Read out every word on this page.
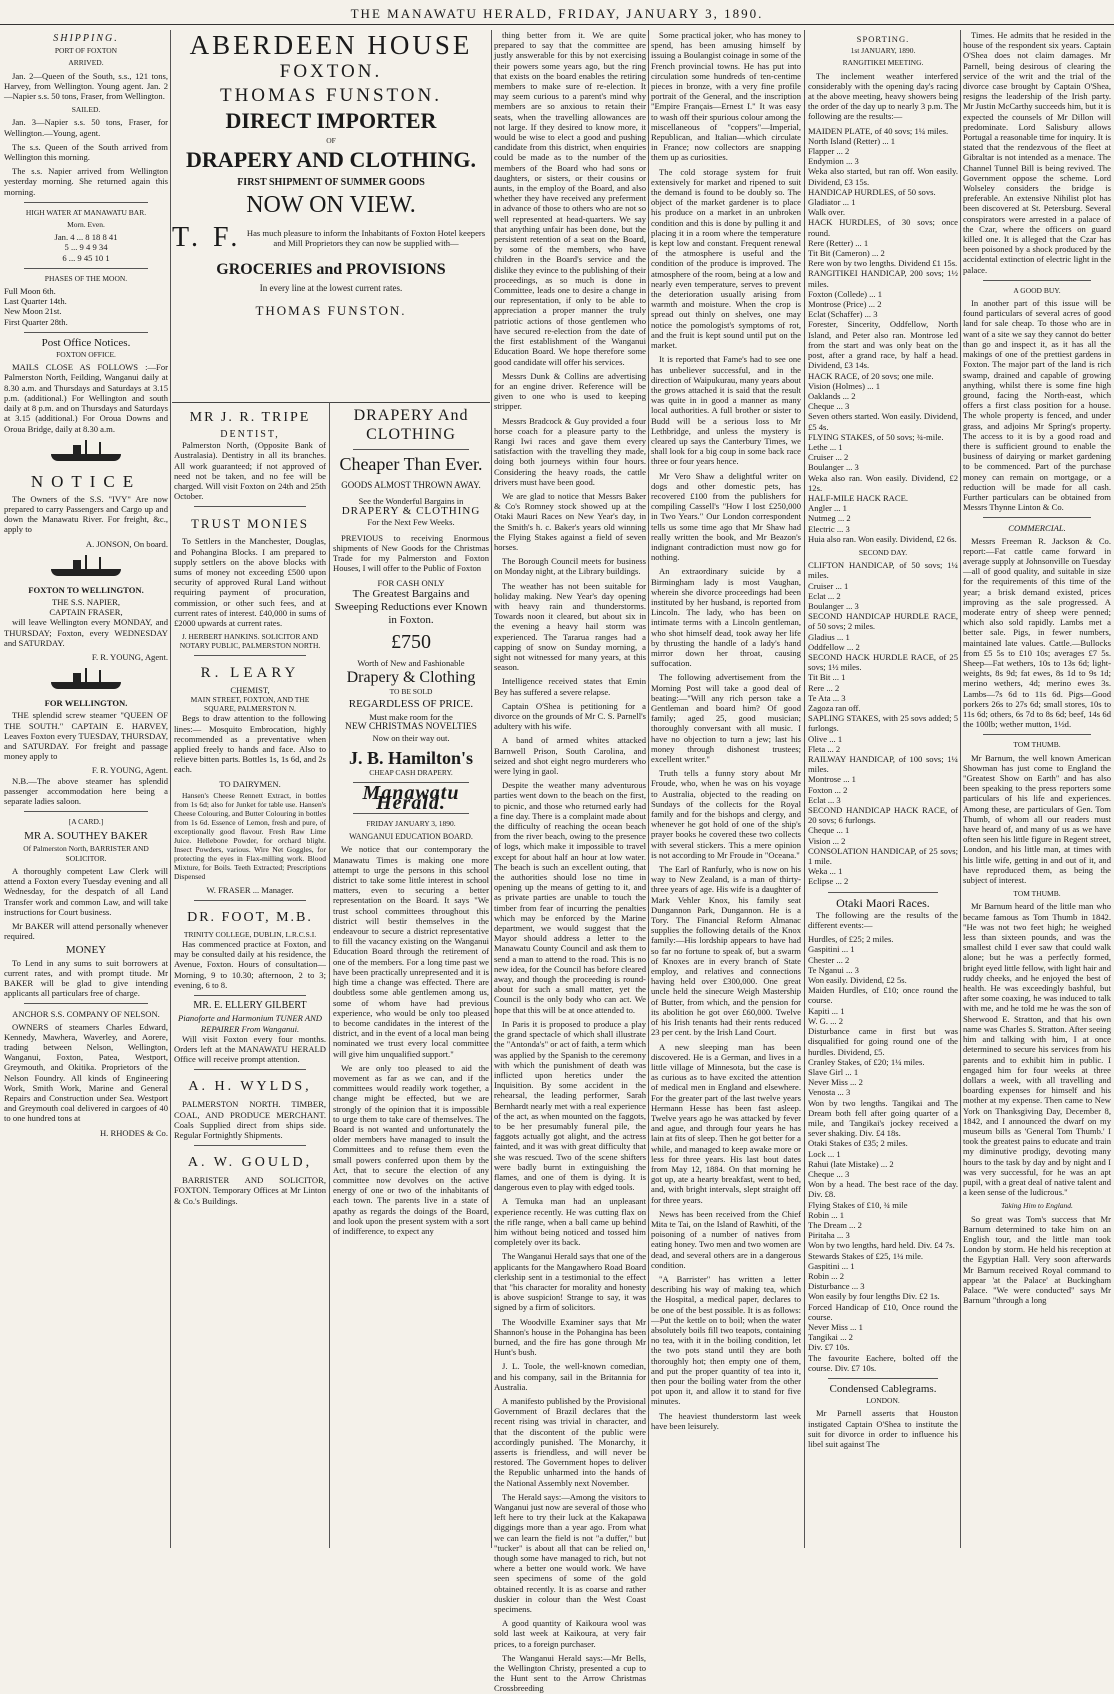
THE MANAWATU HERALD, FRIDAY, JANUARY 3, 1890.
SHIPPING.
PORT OF FOXTON
ARRIVED.

Jan. 2—Queen of the South, s.s., 121 tons, Harvey, from Wellington. Young agent. Jan. 2—Napier s.s. 50 tons, Fraser, from Wellington.

SAILED.

Jan. 3—Napier s.s. 50 tons, Fraser, for Wellington.—Young, agent.

The s.s. Queen of the South arrived from Wellington this morning.

The s.s. Napier arrived from Wellington yesterday morning. She returned again this morning.

HIGH WATER AT MANAWATU BAR.
Morn. Even.
Jan. 4 ... 8 18 8 41
5 ... 9 4 9 34
6 ... 9 45 10 1
PHASES OF THE MOON.
Full Moon 6th.
Last Quarter 14th.
New Moon 21st.
First Quarter 28th.
Post Office Notices.
FOXTON OFFICE.

MAILS CLOSE AS FOLLOWS :—For Palmerston North, Feilding, Wanganui daily at 8.30 a.m. and Thursdays and Saturdays at 3.15 p.m. (additional.) For Wellington and south daily at 8 p.m. and on Thursdays and Saturdays at 3.15 (additional.) For Oroua Downs and Oroua Bridge, daily at 8.30 a.m.

NOTICE

The Owners of the S.S. "IVY" Are now prepared to carry Passengers and Cargo up and down the Manawatu River. For freight, &c., apply to

A. JONSON, On board.
FOXTON TO WELLINGTON.
THE S.S. NAPIER,
CAPTAIN FRASER,

will leave Wellington every MONDAY, and THURSDAY; Foxton, every WEDNESDAY and SATURDAY.

F. R. YOUNG, Agent.
FOR WELLINGTON.

THE splendid screw steamer "QUEEN OF THE SOUTH." CAPTAIN E. HARVEY, Leaves Foxton every TUESDAY, THURSDAY, and SATURDAY. For freight and passage money apply to

F. R. YOUNG, Agent.

N.B.—The above steamer has splendid passenger accommodation here being a separate ladies saloon.

[A CARD.]
MR A. SOUTHEY BAKER
Of Palmerston North, BARRISTER AND SOLICITOR.

A thoroughly competent Law Clerk will attend a Foxton every Tuesday evening and all Wednesday, for the despatch of all Land Transfer work and common Law, and will take instructions for Court business.

Mr BAKER will attend personally whenever required.

MONEY

To Lend in any sums to suit borrowers at current rates, and with prompt titude. Mr BAKER will be glad to give intending applicants all particulars free of charge.

ANCHOR S.S. COMPANY OF NELSON.

OWNERS of steamers Charles Edward, Kennedy, Mawhera, Waverley, and Aorere, trading between Nelson, Wellington, Wanganui, Foxton, Patea, Westport, Greymouth, and Okitika. Proprietors of the Nelson Foundry. All kinds of Engineering Work, Smith Work, Marine and General Repairs and Construction under Sea. Westport and Greymouth coal delivered in cargoes of 40 to one hundred tons at

H. RHODES & Co.
ABERDEEN HOUSE
FOXTON.
THOMAS FUNSTON.
DIRECT IMPORTER
OF
DRAPERY AND CLOTHING.
FIRST SHIPMENT OF SUMMER GOODS
NOW ON VIEW.
T. F. Has much pleasure to inform the Inhabitants of Foxton Hotel keepers and Mill Proprietors they can now be supplied with—
GROCERIES and PROVISIONS
In every line at the lowest current rates.
THOMAS FUNSTON.
MR J. R. TRIPE
DENTIST,

Palmerston North, (Opposite Bank of Australasia). Dentistry in all its branches. All work guaranteed; if not approved of need not be taken, and no fee will be charged. Will visit Foxton on 24th and 25th October.

TRUST MONIES

To Settlers in the Manchester, Douglas, and Pohangina Blocks. I am prepared to supply settlers on the above blocks with sums of money not exceeding £500 upon security of approved Rural Land without requiring payment of procuration, commission, or other such fees, and at current rates of interest. £40,000 in sums of £2000 upwards at current rates.

J. HERBERT HANKINS. SOLICITOR AND NOTARY PUBLIC, PALMERSTON NORTH.
R. LEARY
CHEMIST,
MAIN STREET, FOXTON, AND THE SQUARE, PALMERSTON N.

Begs to draw attention to the following lines:— Mosquito Embrocation, highly recommended as a preventative when applied freely to hands and face. Also to relieve bitten parts. Bottles 1s, 1s 6d, and 2s each.

TO DAIRYMEN.

Hansen's Cheese Rennett Extract, in bottles from 1s 6d; also for Junket for table use. Hansen's Cheese Colouring, and Butter Colouring in bottles from 1s 6d. Essence of Lemon, fresh and pure, of exceptionally good flavour. Fresh Raw Lime Juice. Hellebone Powder, for orchard blight. Insect Powders, various. Wire Net Goggles, for protecting the eyes in Flax-milling work. Blood Mixture, for Boils. Teeth Extracted; Prescriptions Dispensed

W. FRASER ... Manager.
DR. FOOT, M.B.
TRINITY COLLEGE, DUBLIN, L.R.C.S.I.

Has commenced practice at Foxton, and may be consulted daily at his residence, the Avenue, Foxton. Hours of consultation—Morning, 9 to 10.30; afternoon, 2 to 3; evening, 6 to 8.

MR. E. ELLERY GILBERT
Pianoforte and Harmonium TUNER AND REPAIRER From Wanganui.

Will visit Foxton every four months. Orders left at the MANAWATU HERALD Office will receive prompt attention.

A. H. WYLDS,

PALMERSTON NORTH. TIMBER, COAL, AND PRODUCE MERCHANT. Coals Supplied direct from ships side. Regular Fortnightly Shipments.

A. W. GOULD,

BARRISTER AND SOLICITOR, FOXTON. Temporary Offices at Mr Linton & Co.'s Buildings.

DRAPERY And CLOTHING
Cheaper Than Ever.
GOODS ALMOST THROWN AWAY.
See the Wonderful Bargains in
DRAPERY & CLOTHING
For the Next Few Weeks.

PREVIOUS to receiving Enormous shipments of New Goods for the Christmas Trade for my Palmerston and Foxton Houses, I will offer to the Public of Foxton

FOR CASH ONLY
The Greatest Bargains and Sweeping Reductions ever Known in Foxton.
£750
Worth of New and Fashionable
Drapery & Clothing
TO BE SOLD
REGARDLESS OF PRICE.
Must make room for the
NEW CHRISTMAS NOVELTIES
Now on their way out.
J. B. Hamilton's
CHEAP CASH DRAPERY.
Manawatu Herald.
FRIDAY JANUARY 3, 1890.
WANGANUI EDUCATION BOARD.

We notice that our contemporary the Manawatu Times is making one more attempt to urge the persons in this school district to take some little interest in school matters, even to securing a better representation on the Board. It says "We trust school committees throughout this district will bestir themselves in the endeavour to secure a district representative to fill the vacancy existing on the Wanganui Education Board through the retirement of one of the members. For a long time past we have been practically unrepresented and it is high time a change was effected. There are doubtless some able gentlemen among us, some of whom have had previous experience, who would be only too pleased to become candidates in the interest of the district, and in the event of a local man being nominated we trust every local committee will give him unqualified support."

We are only too pleased to aid the movement as far as we can, and if the committees would readily work together, a change might be effected, but we are strongly of the opinion that it is impossible to urge them to take care of themselves. The Board is not wanted and unfortunately the older members have managed to insult the Committees and to refuse them even the small powers conferred upon them by the Act, that to secure the election of any committee now devolves on the active energy of one or two of the inhabitants of each town. The parents live in a state of apathy as regards the doings of the Board, and look upon the present system with a sort of indifference, to expect any

thing better from it. We are quite prepared to say that the committee are justly answerable for this by not exercising their powers some years ago, but the ring that exists on the board enables the retiring members to make sure of re-election. It may seem curious to a parent's mind why members are so anxious to retain their seats, when the travelling allowances are not large. If they desired to know more, it would be wise to elect a good and pushing candidate from this district, when enquiries could be made as to the number of the members of the Board who had sons or daughters, or sisters, or their cousins or aunts, in the employ of the Board, and also whether they have received any preferment in advance of those to others who are not so well represented at head-quarters. We say that anything unfair has been done, but the persistent retention of a seat on the Board, by some of the members, who have children in the Board's service and the dislike they evince to the publishing of their proceedings, as so much is done in Committee, leads one to desire a change in our representation, if only to be able to appreciation a proper manner the truly patriotic actions of those gentlemen who have secured re-election from the date of the first establishment of the Wanganui Education Board. We hope therefore some good candidate will offer his services.

Messrs Dunk & Collins are advertising for an engine driver. Reference will be given to one who is used to keeping stripper.

Messrs Bradcock & Guy provided a four horse coach for a pleasure party to the Rangi Iwi races and gave them every satisfaction with the travelling they made, doing both journeys within four hours. Considering the heavy roads, the cattle drivers must have been good.

We are glad to notice that Messrs Baker & Co's Romney stock showed up at the Otaki Mauri Races on New Year's day, in the Smith's h. c. Baker's years old winning the Flying Stakes against a field of seven horses.

The Borough Council meets for business on Monday night, at the Library buildings.

The weather has not been suitable for holiday making. New Year's day opening with heavy rain and thunderstorms. Towards noon it cleared, but about six in the evening a heavy hail storm was experienced. The Tararua ranges had a capping of snow on Sunday morning, a sight not witnessed for many years, at this season.

Intelligence received states that Emin Bey has suffered a severe relapse.

Captain O'Shea is petitioning for a divorce on the grounds of Mr C. S. Parnell's adultery with his wife.

A band of armed whites attacked Barnwell Prison, South Carolina, and seized and shot eight negro murderers who were lying in gaol.

Despite the weather many adventurous parties went down to the beach on the first, to picnic, and those who returned early had a fine day. There is a complaint made about the difficulty of reaching the ocean beach from the river beach, owing to the presence of logs, which make it impossible to travel except for about half an hour at low water. The beach is such an excellent outing, that the authorities should lose no time in opening up the means of getting to it, and as private parties are unable to touch the timber from fear of incurring the penalties which may be enforced by the Marine department, we would suggest that the Mayor should address a letter to the Manawatu County Council and ask them to send a man to attend to the road. This is no new idea, for the Council has before cleared away, and though the proceeding is round-about for such a small matter, yet the Council is the only body who can act. We hope that this will be at once attended to.

In Paris it is proposed to produce a play the grand spectacle of which shall illustrate the "Antonda's" or act of faith, a term which was applied by the Spanish to the ceremony with which the punishment of death was inflicted upon heretics under the Inquisition. By some accident in the rehearsal, the leading performer, Sarah Bernhardt nearly met with a real experience of the act, as when mounted on the faggots, to be her presumably funeral pile, the faggots actually got alight, and the actress fainted, and it was with great difficulty that she was rescued. Two of the scene shifters were badly burnt in extinguishing the flames, and one of them is dying. It is dangerous even to play with edged tools.

A Temuka man had an unpleasant experience recently. He was cutting flax on the rifle range, when a ball came up behind him without being noticed and tossed him completely over its back.

The Wanganui Herald says that one of the applicants for the Mangawhero Road Board clerkship sent in a testimonial to the effect that "his character for morality and honesty is above suspicion! Strange to say, it was signed by a firm of solicitors.

The Woodville Examiner says that Mr Shannon's house in the Pohangina has been burned, and the fire has gone through Mr Hunt's bush.

J. L. Toole, the well-known comedian, and his company, sail in the Britannia for Australia.

A manifesto published by the Provisional Government of Brazil declares that the recent rising was trivial in character, and that the discontent of the public were accordingly punished. The Monarchy, it asserts is friendless, and will never be restored. The Government hopes to deliver the Republic unharmed into the hands of the National Assembly next November.

The Herald says:—Among the visitors to Wanganui just now are several of those who left here to try their luck at the Kakapawa diggings more than a year ago. From what we can learn the field is not "a duffer," but "tucker" is about all that can be relied on, though some have managed to rich, but not where a better one would work. We have seen specimens of some of the gold obtained recently. It is as coarse and rather duskier in colour than the West Coast specimens.

A good quantity of Kaikoura wool was sold last week at Kaikoura, at very fair prices, to a foreign purchaser.

The Wanganui Herald says:—Mr Bells, the Wellington Christy, presented a cup to the Hunt sent to the Arrow Christmas Crossbreeding

Some practical joker, who has money to spend, has been amusing himself by issuing a Boulangist coinage in some of the French provincial towns. He has put into circulation some hundreds of ten-centime pieces in bronze, with a very fine profile portrait of the General, and the inscription "Empire Français—Ernest I." It was easy to wash off their spurious colour among the miscellaneous of "coppers"—Imperial, Republican, and Italian—which circulate in France; now collectors are snapping them up as curiosities.

The cold storage system for fruit extensively for market and ripened to suit the demand is found to be doubly so. The object of the market gardener is to place his produce on a market in an unbroken condition and this is done by pulling it and placing it in a room where the temperature is kept low and constant. Frequent renewal of the atmosphere is useful and the condition of the produce is improved. The atmosphere of the room, being at a low and nearly even temperature, serves to prevent the deterioration usually arising from warmth and moisture. When the crop is spread out thinly on shelves, one may notice the pomologist's symptoms of rot, and the fruit is kept sound until put on the market.

It is reported that Fame's had to see one has unbeliever successful, and in the direction of Waipukurau, many years about the grows attached it is said that the result was quite in in good a manner as many local authorities. A full brother or sister to Budd will be a serious loss to Mr Lethbridge, and unless the mystery is cleared up says the Canterbury Times, we shall look for a big coup in some back race three or four years hence.

Mr Vero Shaw a delightful writer on dogs and other domestic pets, has recovered £100 from the publishers for compiling Cassell's "How I lost £250,000 in Two Years." Our London correspondent tells us some time ago that Mr Shaw had really written the book, and Mr Beazon's indignant contradiction must now go for nothing.

An extraordinary suicide by a Birmingham lady is most Vaughan, wherein she divorce proceedings had been instituted by her husband, is reported from Lincoln. The lady, who has been on intimate terms with a Lincoln gentleman, who shot himself dead, took away her life by thrusting the handle of a lady's hand mirror down her throat, causing suffocation.

The following advertisement from the Morning Post will take a good deal of beating:—"Will any rich person take a Gentleman and board him? Of good family; aged 25, good musician; thoroughly conversant with all music. I have no objection to turn a jew; last his money through dishonest trustees; excellent writer."

Truth tells a funny story about Mr Froude, who, when he was on his voyage to Australia, objected to the reading on Sundays of the collects for the Royal family and for the bishops and clergy, and whenever he got hold of one of the ship's prayer books he covered these two collects with several stickers. This a mere opinion is not according to Mr Froude in "Oceana."

The Earl of Ranfurly, who is now on his way to New Zealand, is a man of thirty-three years of age. His wife is a daughter of Mark Vehler Knox, his family seat Dungannon Park, Dungannon. He is a Tory. The Financial Reform Almanac supplies the following details of the Knox family:—His lordship appears to have had so far no fortune to speak of, but a swarm of Knoxes are in every branch of State employ, and relatives and connections having held over £300,000. One great uncle held the sinecure Weigh Mastership of Butter, from which, and the pension for its abolition he got over £60,000. Twelve of his Irish tenants had their rents reduced 23 per cent. by the Irish Land Court.

A new sleeping man has been discovered. He is a German, and lives in a little village of Minnesota, but the case is as curious as to have excited the attention of medical men in England and elsewhere. For the greater part of the last twelve years Hermann Hesse has been fast asleep. Twelve years ago he was attacked by fever and ague, and through four years he has lain at fits of sleep. Then he got better for a while, and managed to keep awake more or less for three years. His last bout dates from May 12, 1884. On that morning he got up, ate a hearty breakfast, went to bed, and, with bright intervals, slept straight off for three years.

News has been received from the Chief Mita te Tai, on the Island of Rawhiti, of the poisoning of a number of natives from eating honey. Two men and two women are dead, and several others are in a dangerous condition.

"A Barrister" has written a letter describing his way of making tea, which the Hospital, a medical paper, declares to be one of the best possible. It is as follows:—Put the kettle on to boil; when the water absolutely boils fill two teapots, containing no tea, with it in the boiling condition, let the two pots stand until they are both thoroughly hot; then empty one of them, and put the proper quantity of tea into it, then pour the boiling water from the other pot upon it, and allow it to stand for five minutes.

The heaviest thunderstorm last week have been leisurely.

SPORTING.
1st JANUARY, 1890.
RANGITIKEI MEETING.

The inclement weather interfered considerably with the opening day's racing at the above meeting, heavy showers being the order of the day up to nearly 3 p.m. The following are the results:—

MAIDEN PLATE, of 40 sovs; 1¼ miles.
North Island (Retter) ... 1
Flapper ... 2
Endymion ... 3
Weka also started, but ran off. Won easily. Dividend, £3 15s.
HANDICAP HURDLES, of 50 sovs.
Gladiator ... 1
Walk over.
HACK HURDLES, of 30 sovs; once round.
Rere (Retter) ... 1
Tit Bit (Cameron) ... 2
Rere won by two lengths. Dividend £1 15s.
RANGITIKEI HANDICAP, 200 sovs; 1½ miles.
Foxton (Collede) ... 1
Montrose (Price) ... 2
Eclat (Schaffer) ... 3
Forester, Sincerity, Oddfellow, North Island, and Peter also ran. Montrose led from the start and was only beat on the post, after a grand race, by half a head. Dividend, £3 14s.
HACK RACE, of 20 sovs; one mile.
Vision (Holmes) ... 1
Oaklands ... 2
Cheque ... 3
Seven others started. Won easily. Dividend, £5 4s.
FLYING STAKES, of 50 sovs; ¾-mile.
Lethe ... 1
Cruiser ... 2
Boulanger ... 3
Weka also ran. Won easily. Dividend, £2 12s.
HALF-MILE HACK RACE.
Angler ... 1
Nutmeg ... 2
Electric ... 3
Huia also ran. Won easily. Dividend, £2 6s.
SECOND DAY.
CLIFTON HANDICAP, of 50 sovs; 1¼ miles.
Cruiser ... 1
Eclat ... 2
Boulanger ... 3
SECOND HANDICAP HURDLE RACE, of 50 sovs; 2 miles.
Gladius ... 1
Oddfellow ... 2
SECOND HACK HURDLE RACE, of 25 sovs; 1½ miles.
Tit Bit ... 1
Rere ... 2
Te Ata ... 3
Zagoza ran off.
SAPLING STAKES, with 25 sovs added; 5 furlongs.
Olive ... 1
Fleta ... 2
RAILWAY HANDICAP, of 100 sovs; 1¼ miles.
Montrose ... 1
Foxton ... 2
Eclat ... 3
SECOND HANDICAP HACK RACE, of 20 sovs; 6 furlongs.
Cheque ... 1
Vision ... 2
CONSOLATION HANDICAP, of 25 sovs; 1 mile.
Weka ... 1
Eclipse ... 2
Otaki Maori Races.

The following are the results of the different events:—

Hurdles, of £25; 2 miles.
Gaspitini ... 1
Chester ... 2
Te Nganui ... 3
Won easily. Dividend, £2 5s.
Maiden Hurdles, of £10; once round the course.
Kapiti ... 1
W. G. ... 2
Disturbance came in first but was disqualified for going round one of the hurdles. Dividend, £5.
Cranley Stakes, of £20; 1¼ miles.
Slave Girl ... 1
Never Miss ... 2
Venosta ... 3
Won by two lengths. Tangikai and The Dream both fell after going quarter of a mile, and Tangikai's jockey received a sever shaking. Div. £4 18s.
Otaki Stakes of £35; 2 miles.
Lock ... 1
Rahui (late Mistake) ... 2
Cheque ... 3
Won by a head. The best race of the day. Div. £8.
Flying Stakes of £10, ¾ mile
Robin ... 1
The Dream ... 2
Piritaha ... 3
Won by two lengths, hard held. Div. £4 7s.
Stewards Stakes of £25, 1¼ mile.
Gaspitini ... 1
Robin ... 2
Disturbance ... 3
Won easily by four lengths Div. £2 1s.
Forced Handicap of £10, Once round the course.
Never Miss ... 1
Tangikai ... 2
Div. £7 10s.
The favourite Eachere, bolted off the course. Div. £7 10s.
Condensed Cablegrams.
LONDON.

Mr Parnell asserts that Houston instigated Captain O'Shea to institute the suit for divorce in order to influence his libel suit against The

Times. He admits that he resided in the house of the respondent six years. Captain O'Shea does not claim damages. Mr Parnell, being desirous of clearing the service of the writ and the trial of the divorce case brought by Captain O'Shea, resigns the leadership of the Irish party. Mr Justin McCarthy succeeds him, but it is expected the counsels of Mr Dillon will predominate. Lord Salisbury allows Portugal a reasonable time for inquiry. It is stated that the rendezvous of the fleet at Gibraltar is not intended as a menace. The Channel Tunnel Bill is being revived. The Government oppose the scheme. Lord Wolseley considers the bridge is preferable. An extensive Nihilist plot has been discovered at St. Petersburg. Several conspirators were arrested in a palace of the Czar, where the officers on guard killed one. It is alleged that the Czar has been poisoned by a shock produced by the accidental extinction of electric light in the palace.

A GOOD BUY.

In another part of this issue will be found particulars of several acres of good land for sale cheap. To those who are in want of a site we say they cannot do better than go and inspect it, as it has all the makings of one of the prettiest gardens in Foxton. The major part of the land is rich swamp, drained and capable of growing anything, whilst there is some fine high ground, facing the North-east, which offers a first class position for a house. The whole property is fenced, and under grass, and adjoins Mr Spring's property. The access to it is by a good road and there is sufficient ground to enable the business of dairying or market gardening to be commenced. Part of the purchase money can remain on mortgage, or a reduction will be made for all cash. Further particulars can be obtained from Messrs Thynne Linton & Co.

COMMERCIAL.

Messrs Freeman R. Jackson & Co. report:—Fat cattle came forward in average supply at Johnsonville on Tuesday—all of good quality, and suitable in size for the requirements of this time of the year; a brisk demand existed, prices improving as the sale progressed. A moderate entry of sheep were penned; which also sold rapidly. Lambs met a better sale. Pigs, in fewer numbers, maintained late values. Cattle.—Bullocks from £5 5s to £10 10s; averages £7 5s. Sheep—Fat wethers, 10s to 13s 6d; light-weights, 8s 9d; fat ewes, 8s 1d to 9s 1d; merino wethers, 4d; merino ewes 3s. Lambs—7s 6d to 11s 6d. Pigs—Good porkers 26s to 27s 6d; small stores, 10s to 11s 6d; others, 6s 7d to 8s 6d; beef, 14s 6d the 100lb; wether mutton, 1½d.

TOM THUMB.

Mr Barnum, the well known American Showman has just come to England the "Greatest Show on Earth" and has also been speaking to the press reporters some particulars of his life and experiences. Among these, are particulars of Gen. Tom Thumb, of whom all our readers must have heard of, and many of us as we have often seen his little figure in Regent street, London, and his little man, at times with his little wife, getting in and out of it, and have reproduced them, as being the subject of interest.

TOM THUMB.

Mr Barnum heard of the little man who became famous as Tom Thumb in 1842. "He was not two feet high; he weighed less than sixteen pounds, and was the smallest child I ever saw that could walk alone; but he was a perfectly formed, bright eyed little fellow, with light hair and ruddy cheeks, and he enjoyed the best of health. He was exceedingly bashful, but after some coaxing, he was induced to talk with me, and he told me he was the son of Sherwood E. Stratton, and that his own name was Charles S. Stratton. After seeing him and talking with him, I at once determined to secure his services from his parents and to exhibit him in public. I engaged him for four weeks at three dollars a week, with all travelling and boarding expenses for himself and his mother at my expense. Then came to New York on Thanksgiving Day, December 8, 1842, and I announced the dwarf on my museum bills as 'General Tom Thumb.' I took the greatest pains to educate and train my diminutive prodigy, devoting many hours to the task by day and by night and I was very successful, for he was an apt pupil, with a great deal of native talent and a keen sense of the ludicrous."

Taking Him to England.

So great was Tom's success that Mr Barnum determined to take him on an English tour, and the little man took London by storm. He held his reception at the Egyptian Hall. Very soon afterwards Mr Barnum received Royal command to appear 'at the Palace' at Buckingham Palace. "We were conducted" says Mr Barnum "through a long
